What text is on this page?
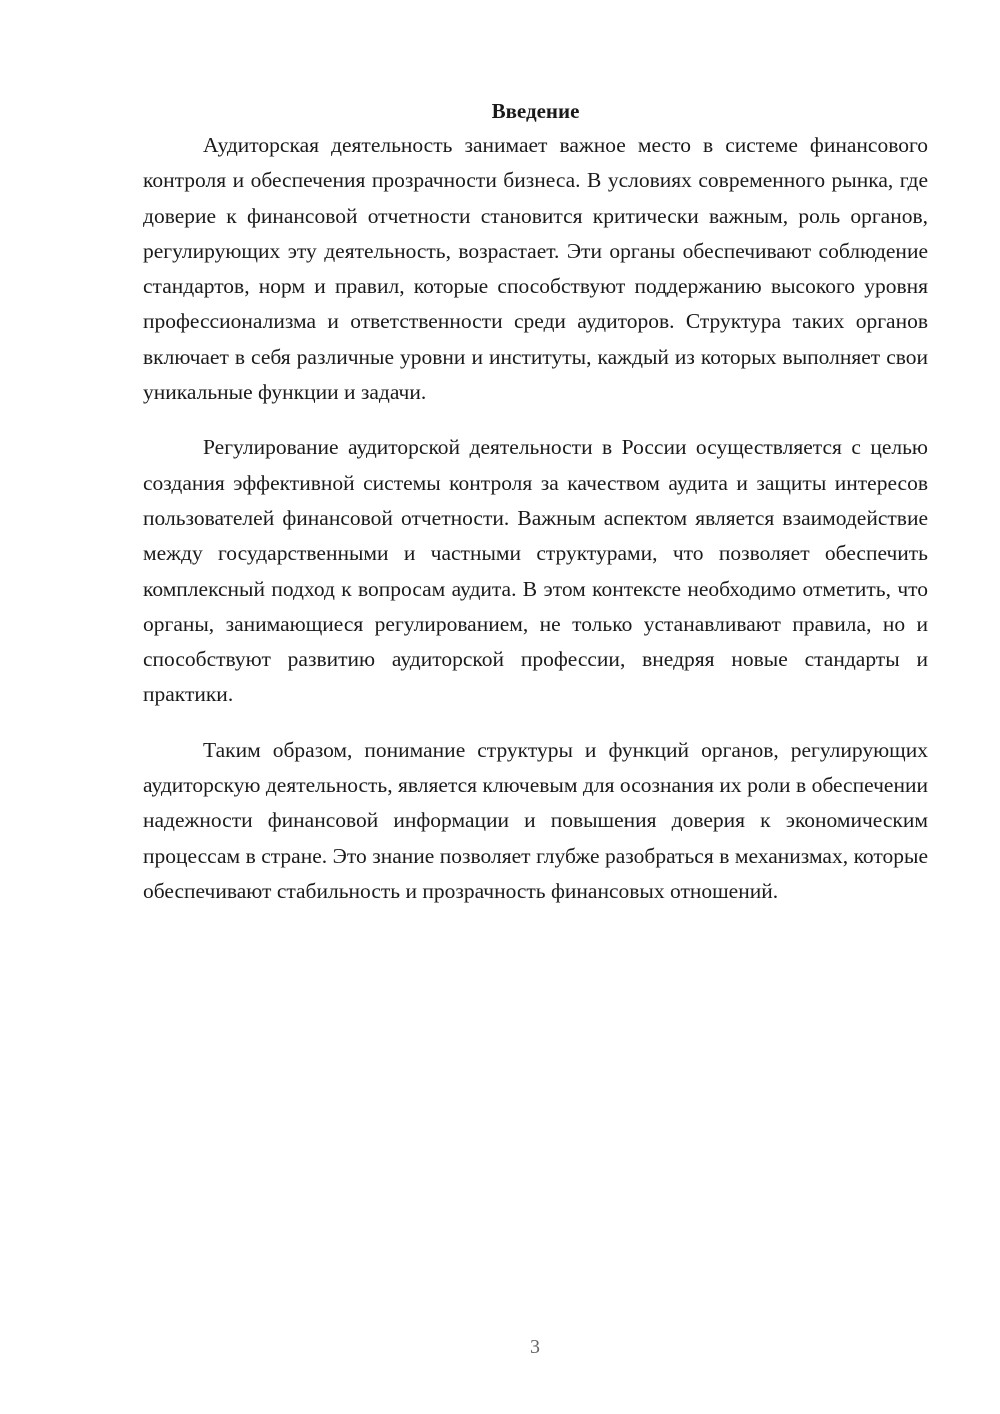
Введение

Аудиторская деятельность занимает важное место в системе финансового контроля и обеспечения прозрачности бизнеса. В условиях современного рынка, где доверие к финансовой отчетности становится критически важным, роль органов, регулирующих эту деятельность, возрастает. Эти органы обеспечивают соблюдение стандартов, норм и правил, которые способствуют поддержанию высокого уровня профессионализма и ответственности среди аудиторов. Структура таких органов включает в себя различные уровни и институты, каждый из которых выполняет свои уникальные функции и задачи.

Регулирование аудиторской деятельности в России осуществляется с целью создания эффективной системы контроля за качеством аудита и защиты интересов пользователей финансовой отчетности. Важным аспектом является взаимодействие между государственными и частными структурами, что позволяет обеспечить комплексный подход к вопросам аудита. В этом контексте необходимо отметить, что органы, занимающиеся регулированием, не только устанавливают правила, но и способствуют развитию аудиторской профессии, внедряя новые стандарты и практики.

Таким образом, понимание структуры и функций органов, регулирующих аудиторскую деятельность, является ключевым для осознания их роли в обеспечении надежности финансовой информации и повышения доверия к экономическим процессам в стране. Это знание позволяет глубже разобраться в механизмах, которые обеспечивают стабильность и прозрачность финансовых отношений.

3
